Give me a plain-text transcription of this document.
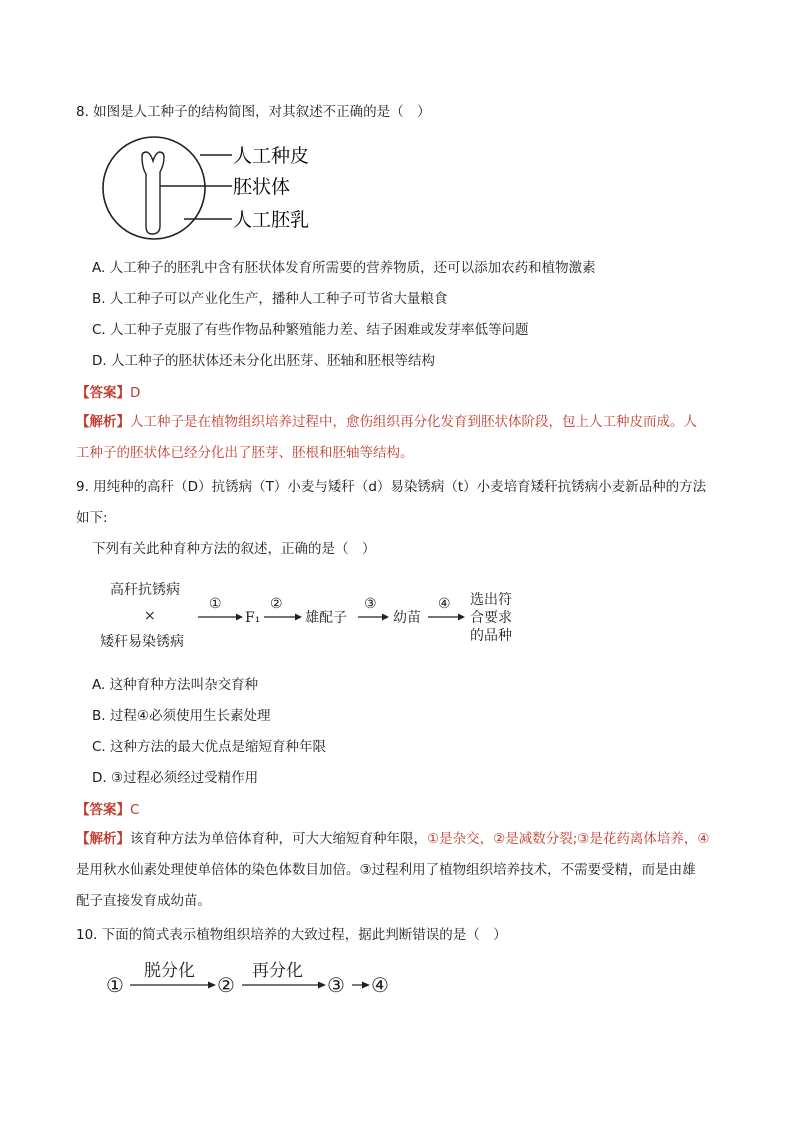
8. 如图是人工种子的结构简图，对其叙述不正确的是（　）
人工种皮
胚状体
人工胚乳
A. 人工种子的胚乳中含有胚状体发育所需要的营养物质，还可以添加农药和植物激素
B. 人工种子可以产业化生产，播种人工种子可节省大量粮食
C. 人工种子克服了有些作物品种繁殖能力差、结子困难或发芽率低等问题
D. 人工种子的胚状体还未分化出胚芽、胚轴和胚根等结构
【答案】D
【解析】人工种子是在植物组织培养过程中，愈伤组织再分化发育到胚状体阶段，包上人工种皮而成。人
工种子的胚状体已经分化出了胚芽、胚根和胚轴等结构。
9. 用纯种的高秆（D）抗锈病（T）小麦与矮秆（d）易染锈病（t）小麦培育矮秆抗锈病小麦新品种的方法
如下:
下列有关此种育种方法的叙述，正确的是（　）
高秆抗锈病
×
矮秆易染锈病
①
F₁
②
雄配子
③
幼苗
④ 选出符
合要求
的品种
A. 这种育种方法叫杂交育种
B. 过程④必须使用生长素处理
C. 这种方法的最大优点是缩短育种年限
D. ③过程必须经过受精作用
【答案】C
【解析】该育种方法为单倍体育种，可大大缩短育种年限，①是杂交，②是减数分裂;③是花药离体培养，④
是用秋水仙素处理使单倍体的染色体数目加倍。③过程利用了植物组织培养技术，不需要受精，而是由雄
配子直接发育成幼苗。
10. 下面的简式表示植物组织培养的大致过程，据此判断错误的是（　）
①
脱分化
②
再分化
③ ④
